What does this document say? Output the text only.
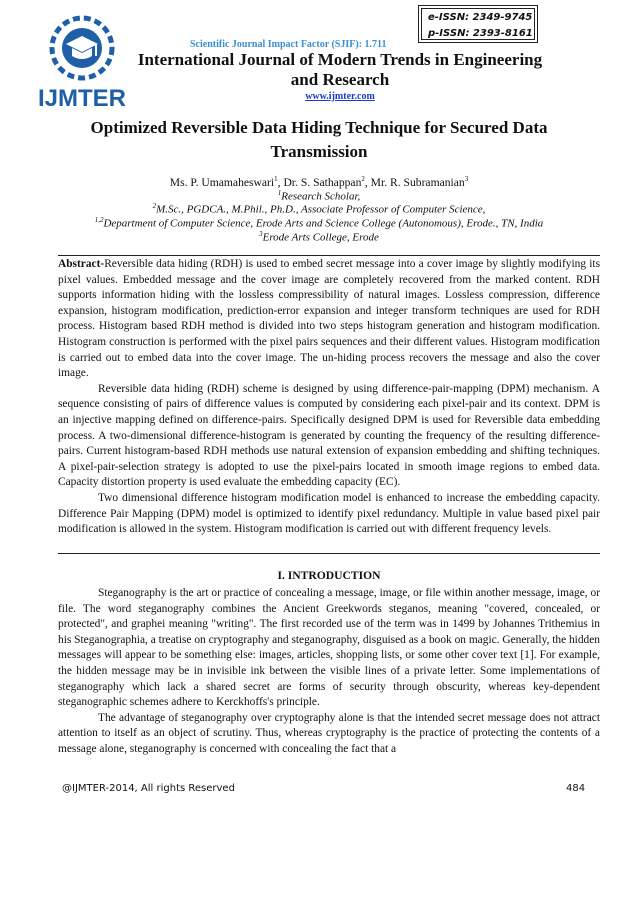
IJMTER
e-ISSN: 2349-9745
p-ISSN: 2393-8161
Scientific Journal Impact Factor (SJIF): 1.711
International Journal of Modern Trends in Engineering
and Research
www.ijmter.com
Optimized Reversible Data Hiding Technique for Secured Data
Transmission
Ms. P. Umamaheswari$^1$, Dr. S. Sathappan$^2$, Mr. R. Subramanian$^3$
$^1$Research Scholar,
$^2$M.Sc., PGDCA., M.Phil., Ph.D., Associate Professor of Computer Science,
$^{1,2}$Department of Computer Science, Erode Arts and Science College (Autonomous), Erode., TN, India
$^3$Erode Arts College, Erode

Abstract-Reversible data hiding (RDH) is used to embed secret message into a cover image by slightly modifying its pixel values. Embedded message and the cover image are completely recovered from the marked content. RDH supports information hiding with the lossless compressibility of natural images. Lossless compression, difference expansion, histogram modification, prediction-error expansion and integer transform techniques are used for RDH process. Histogram based RDH method is divided into two steps histogram generation and histogram modification. Histogram construction is performed with the pixel pairs sequences and their different values. Histogram modification is carried out to embed data into the cover image. The un-hiding process recovers the message and also the cover image.

Reversible data hiding (RDH) scheme is designed by using difference-pair-mapping (DPM) mechanism. A sequence consisting of pairs of difference values is computed by considering each pixel-pair and its context. DPM is an injective mapping defined on difference-pairs. Specifically designed DPM is used for Reversible data embedding process. A two-dimensional difference-histogram is generated by counting the frequency of the resulting difference-pairs. Current histogram-based RDH methods use natural extension of expansion embedding and shifting techniques. A pixel-pair-selection strategy is adopted to use the pixel-pairs located in smooth image regions to embed data. Capacity distortion property is used evaluate the embedding capacity (EC).

Two dimensional difference histogram modification model is enhanced to increase the embedding capacity. Difference Pair Mapping (DPM) model is optimized to identify pixel redundancy. Multiple in value based pixel pair modification is allowed in the system. Histogram modification is carried out with different frequency levels.

I. INTRODUCTION

Steganography is the art or practice of concealing a message, image, or file within another message, image, or file. The word steganography combines the Ancient Greekwords steganos, meaning "covered, concealed, or protected", and graphei meaning "writing". The first recorded use of the term was in 1499 by Johannes Trithemius in his Steganographia, a treatise on cryptography and steganography, disguised as a book on magic. Generally, the hidden messages will appear to be something else: images, articles, shopping lists, or some other cover text [1]. For example, the hidden message may be in invisible ink between the visible lines of a private letter. Some implementations of steganography which lack a shared secret are forms of security through obscurity, whereas key-dependent steganographic schemes adhere to Kerckhoffs's principle.

The advantage of steganography over cryptography alone is that the intended secret message does not attract attention to itself as an object of scrutiny. Thus, whereas cryptography is the practice of protecting the contents of a message alone, steganography is concerned with concealing the fact that a

@IJMTER-2014, All rights Reserved	484
